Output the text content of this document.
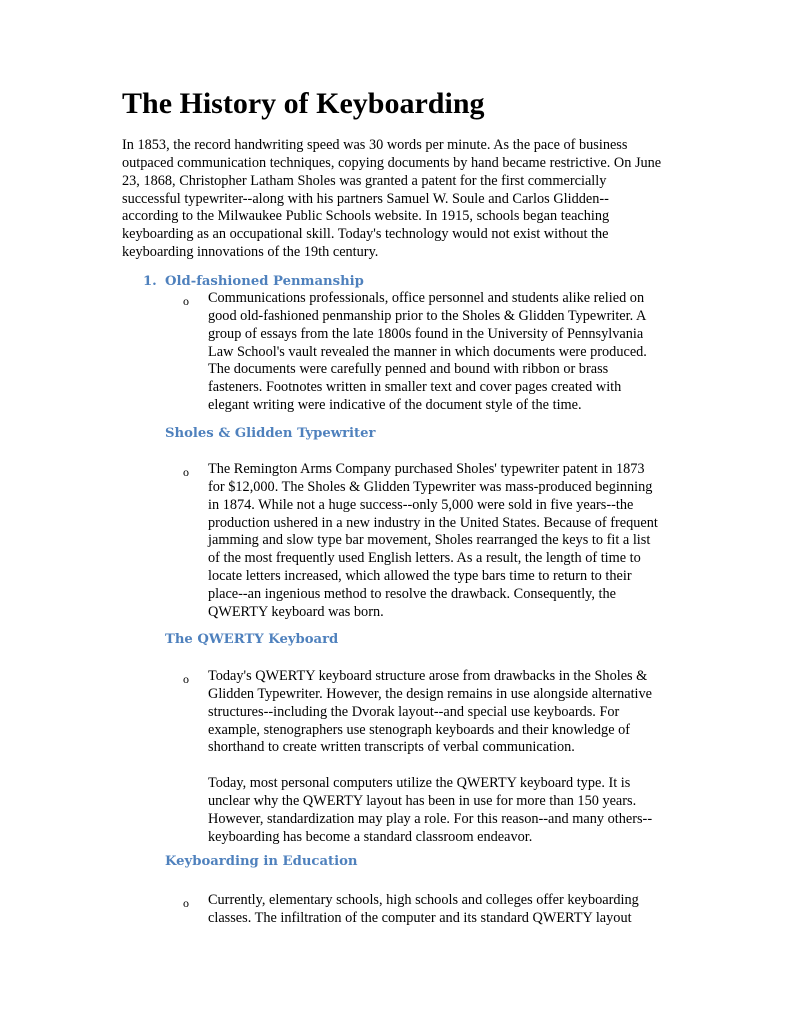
The History of Keyboarding
In 1853, the record handwriting speed was 30 words per minute. As the pace of business
outpaced communication techniques, copying documents by hand became restrictive. On June
23, 1868, Christopher Latham Sholes was granted a patent for the first commercially
successful typewriter--along with his partners Samuel W. Soule and Carlos Glidden--
according to the Milwaukee Public Schools website. In 1915, schools began teaching
keyboarding as an occupational skill. Today's technology would not exist without the
keyboarding innovations of the 19th century.
1. Old-fashioned Penmanship
o Communications professionals, office personnel and students alike relied on
good old-fashioned penmanship prior to the Sholes & Glidden Typewriter. A
group of essays from the late 1800s found in the University of Pennsylvania
Law School's vault revealed the manner in which documents were produced.
The documents were carefully penned and bound with ribbon or brass
fasteners. Footnotes written in smaller text and cover pages created with
elegant writing were indicative of the document style of the time.
Sholes & Glidden Typewriter
o The Remington Arms Company purchased Sholes' typewriter patent in 1873
for $12,000. The Sholes & Glidden Typewriter was mass-produced beginning
in 1874. While not a huge success--only 5,000 were sold in five years--the
production ushered in a new industry in the United States. Because of frequent
jamming and slow type bar movement, Sholes rearranged the keys to fit a list
of the most frequently used English letters. As a result, the length of time to
locate letters increased, which allowed the type bars time to return to their
place--an ingenious method to resolve the drawback. Consequently, the
QWERTY keyboard was born.
The QWERTY Keyboard
o Today's QWERTY keyboard structure arose from drawbacks in the Sholes &
Glidden Typewriter. However, the design remains in use alongside alternative
structures--including the Dvorak layout--and special use keyboards. For
example, stenographers use stenograph keyboards and their knowledge of
shorthand to create written transcripts of verbal communication.
Today, most personal computers utilize the QWERTY keyboard type. It is
unclear why the QWERTY layout has been in use for more than 150 years.
However, standardization may play a role. For this reason--and many others--
keyboarding has become a standard classroom endeavor.
Keyboarding in Education
o Currently, elementary schools, high schools and colleges offer keyboarding
classes. The infiltration of the computer and its standard QWERTY layout
